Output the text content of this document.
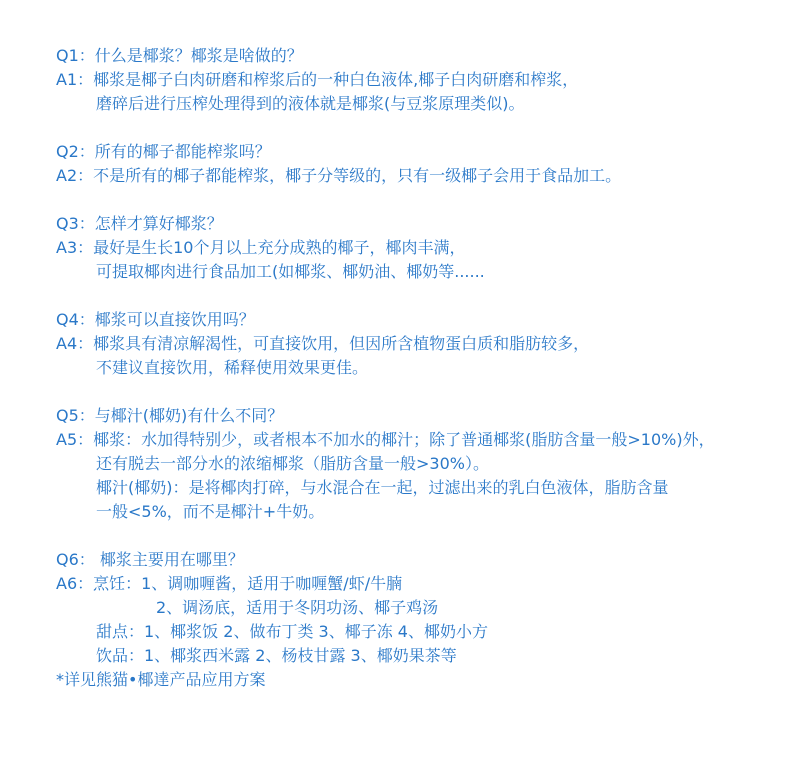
Q1：什么是椰浆？椰浆是啥做的？
A1：椰浆是椰子白肉研磨和榨浆后的一种白色液体,椰子白肉研磨和榨浆，
磨碎后进行压榨处理得到的液体就是椰浆(与豆浆原理类似)。
Q2：所有的椰子都能榨浆吗？
A2：不是所有的椰子都能榨浆，椰子分等级的，只有一级椰子会用于食品加工。
Q3：怎样才算好椰浆？
A3：最好是生长10个月以上充分成熟的椰子，椰肉丰满，
可提取椰肉进行食品加工(如椰浆、椰奶油、椰奶等......
Q4：椰浆可以直接饮用吗？
A4：椰浆具有清凉解渴性，可直接饮用，但因所含植物蛋白质和脂肪较多，
不建议直接饮用，稀释使用效果更佳。
Q5：与椰汁(椰奶)有什么不同？
A5：椰浆：水加得特别少，或者根本不加水的椰汁；除了普通椰浆(脂肪含量一般>10%)外，
还有脱去一部分水的浓缩椰浆（脂肪含量一般>30%）。
椰汁(椰奶)：是将椰肉打碎，与水混合在一起，过滤出来的乳白色液体，脂肪含量
一般<5%，而不是椰汁+牛奶。
Q6： 椰浆主要用在哪里？
A6：烹饪：1、调咖喱酱，适用于咖喱蟹/虾/牛腩
2、调汤底，适用于冬阴功汤、椰子鸡汤
甜点：1、椰浆饭 2、做布丁类 3、椰子冻 4、椰奶小方
饮品：1、椰浆西米露 2、杨枝甘露 3、椰奶果茶等
*详见熊猫•椰達产品应用方案
